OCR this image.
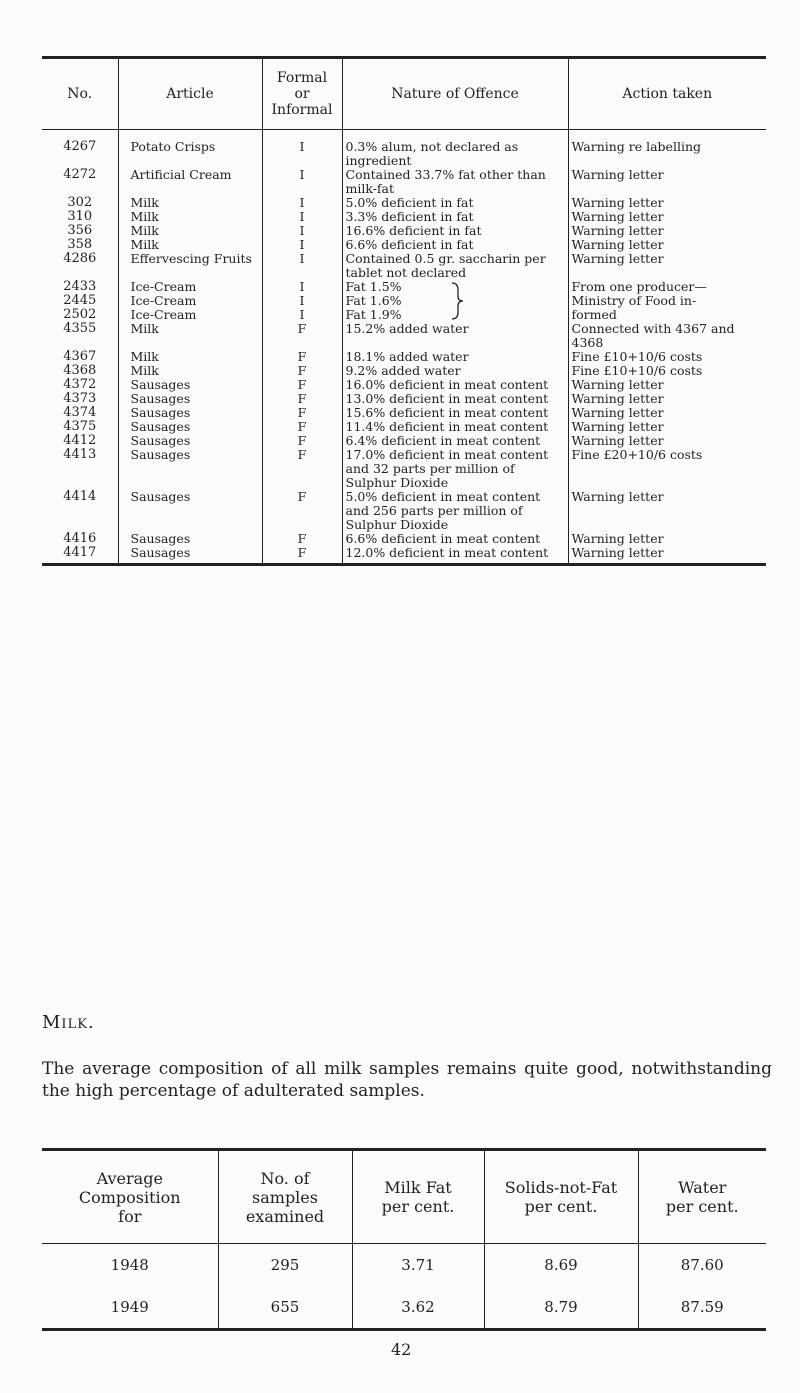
No.	Article	Formal
or
Informal	Nature of Offence	Action taken
4267	Potato Crisps	I	0.3% alum, not declared as ingredient	Warning re labelling
4272	Artificial Cream	I	Contained 33.7% fat other than milk-fat	Warning letter
302	Milk	I	5.0% deficient in fat	Warning letter
310	Milk	I	3.3% deficient in fat	Warning letter
356	Milk	I	16.6% deficient in fat	Warning letter
358	Milk	I	6.6% deficient in fat	Warning letter
4286	Effervescing Fruits	I	Contained 0.5 gr. saccharin per tablet not declared	Warning letter
2433	Ice-Cream	I	Fat 1.5%	From one producer—
2445	Ice-Cream	I	Fat 1.6%	Ministry of Food in-
2502	Ice-Cream	I	Fat 1.9%	formed
4355	Milk	F	15.2% added water	Connected with 4367 and 4368
4367	Milk	F	18.1% added water	Fine £10+10/6 costs
4368	Milk	F	9.2% added water	Fine £10+10/6 costs
4372	Sausages	F	16.0% deficient in meat content	Warning letter
4373	Sausages	F	13.0% deficient in meat content	Warning letter
4374	Sausages	F	15.6% deficient in meat content	Warning letter
4375	Sausages	F	11.4% deficient in meat content	Warning letter
4412	Sausages	F	6.4% deficient in meat content	Warning letter
4413	Sausages	F	17.0% deficient in meat content and 32 parts per million of Sulphur Dioxide	Fine £20+10/6 costs
4414	Sausages	F	5.0% deficient in meat content and 256 parts per million of Sulphur Dioxide	Warning letter
4416	Sausages	F	6.6% deficient in meat content	Warning letter
4417	Sausages	F	12.0% deficient in meat content	Warning letter
Milk.
The average composition of all milk samples remains quite good, notwithstanding the high percentage of adulterated samples.
Average
Composition
for	No. of
samples
examined	Milk Fat
per cent.	Solids-not-Fat
per cent.	Water
per cent.
1948	295	3.71	8.69	87.60
1949	655	3.62	8.79	87.59
42
